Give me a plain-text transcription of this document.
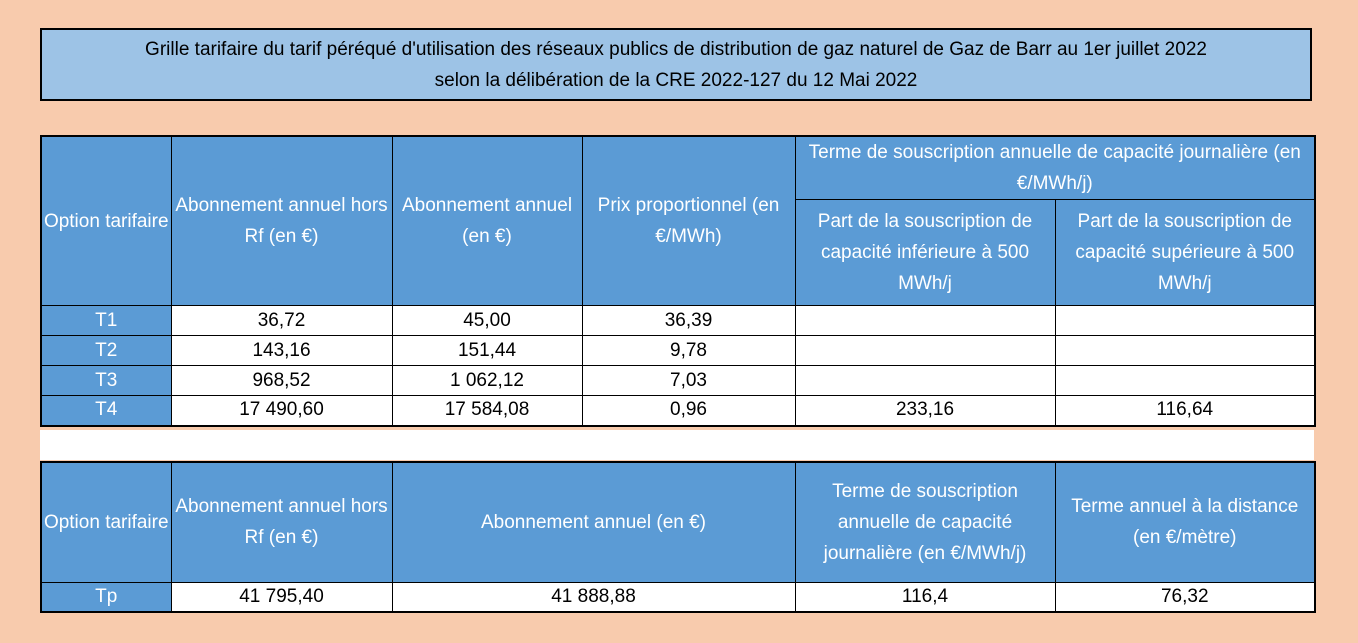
Grille tarifaire du tarif péréqué d'utilisation des réseaux publics de distribution de gaz naturel de Gaz de Barr au 1er juillet 2022
selon la délibération de la CRE 2022-127 du 12 Mai 2022
Option tarifaire	Abonnement annuel hors Rf (en €)	Abonnement annuel (en €)	Prix proportionnel (en €/MWh)	Terme de souscription annuelle de capacité journalière (en €/MWh/j)	
				Part de la souscription de capacité inférieure à 500 MWh/j	Part de la souscription de capacité supérieure à 500 MWh/j
T1	36,72	45,00	36,39		
T2	143,16	151,44	9,78		
T3	968,52	1 062,12	7,03		
T4	17 490,60	17 584,08	0,96	233,16	116,64
Option tarifaire	Abonnement annuel hors Rf (en €)	Abonnement annuel (en €)	Terme de souscription annuelle de capacité journalière (en €/MWh/j)	Terme annuel à la distance (en €/mètre)
Tp	41 795,40	41 888,88	116,4	76,32
